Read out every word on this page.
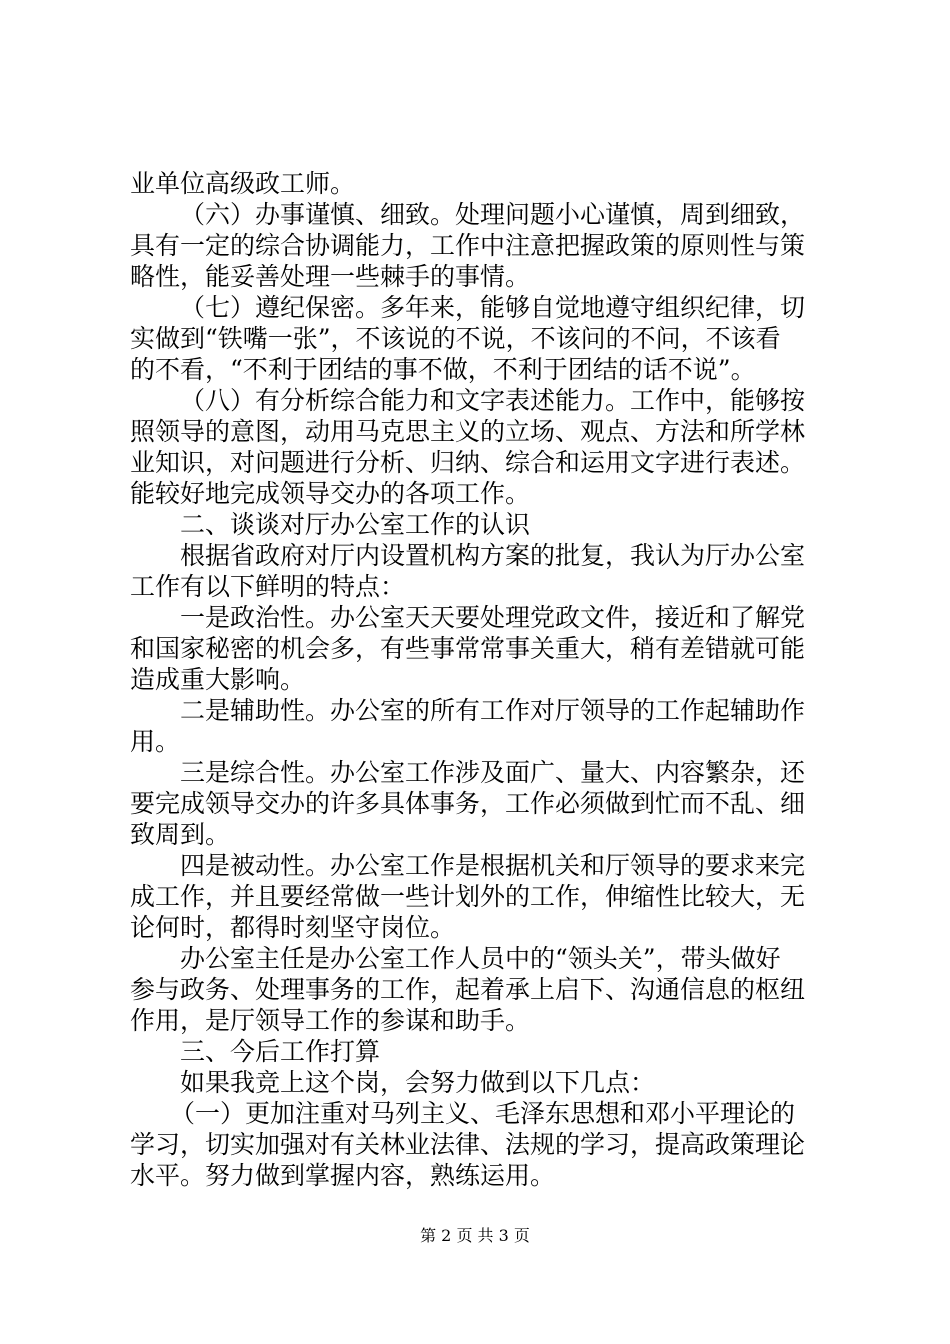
业单位高级政工师。
（六）办事谨慎、细致。处理问题小心谨慎，周到细致，
具有一定的综合协调能力，工作中注意把握政策的原则性与策
略性，能妥善处理一些棘手的事情。
（七）遵纪保密。多年来，能够自觉地遵守组织纪律，切
实做到“铁嘴一张”，不该说的不说，不该问的不问，不该看
的不看，“不利于团结的事不做，不利于团结的话不说”。
（八）有分析综合能力和文字表述能力。工作中，能够按
照领导的意图，动用马克思主义的立场、观点、方法和所学林
业知识，对问题进行分析、归纳、综合和运用文字进行表述。
能较好地完成领导交办的各项工作。
二、谈谈对厅办公室工作的认识
根据省政府对厅内设置机构方案的批复，我认为厅办公室
工作有以下鲜明的特点：
一是政治性。办公室天天要处理党政文件，接近和了解党
和国家秘密的机会多，有些事常常事关重大，稍有差错就可能
造成重大影响。
二是辅助性。办公室的所有工作对厅领导的工作起辅助作
用。
三是综合性。办公室工作涉及面广、量大、内容繁杂，还
要完成领导交办的许多具体事务，工作必须做到忙而不乱、细
致周到。
四是被动性。办公室工作是根据机关和厅领导的要求来完
成工作，并且要经常做一些计划外的工作，伸缩性比较大，无
论何时，都得时刻坚守岗位。
办公室主任是办公室工作人员中的“领头关”，带头做好
参与政务、处理事务的工作，起着承上启下、沟通信息的枢纽
作用，是厅领导工作的参谋和助手。
三、今后工作打算
如果我竞上这个岗，会努力做到以下几点：
（一）更加注重对马列主义、毛泽东思想和邓小平理论的
学习，切实加强对有关林业法律、法规的学习，提高政策理论
水平。努力做到掌握内容，熟练运用。
第 2 页 共 3 页
